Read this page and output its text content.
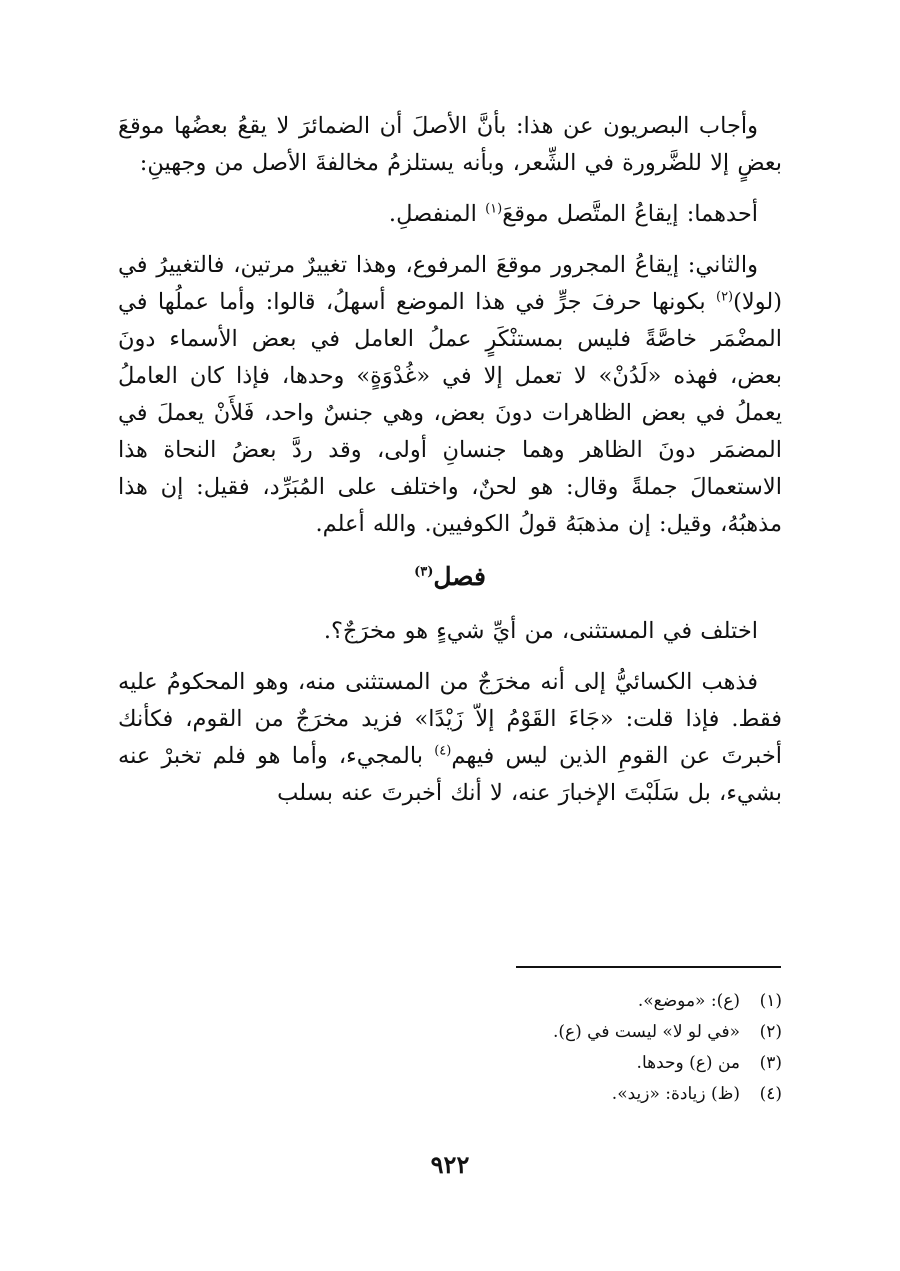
وأجاب البصريون عن هذا: بأنَّ الأصلَ أن الضمائرَ لا يقعُ بعضُها موقعَ بعضٍ إلا للضَّرورة في الشِّعر، وبأنه يستلزمُ مخالفةَ الأصل من وجهينِ:

أحدهما: إيقاعُ المتَّصل موقعَ$^{(١)}$ المنفصلِ.

والثاني: إيقاعُ المجرور موقعَ المرفوع، وهذا تغييرٌ مرتين، فالتغييرُ في (لولا)$^{(٢)}$ بكونها حرفَ جرٍّ في هذا الموضع أسهلُ، قالوا: وأما عملُها في المضْمَر خاصَّةً فليس بمستنْكَرٍ عملُ العامل في بعض الأسماء دونَ بعض، فهذه «لَدُنْ» لا تعمل إلا في «غُدْوَةٍ» وحدها، فإذا كان العاملُ يعملُ في بعض الظاهرات دونَ بعض، وهي جنسٌ واحد، فَلأَنْ يعملَ في المضمَر دونَ الظاهر وهما جنسانِ أولى، وقد ردَّ بعضُ النحاة هذا الاستعمالَ جملةً وقال: هو لحنٌ، واختلف على المُبَرِّد، فقيل: إن هذا مذهبُهُ، وقيل: إن مذهبَهُ قولُ الكوفيين. والله أعلم.

فصل$^{(٣)}$

اختلف في المستثنى، من أيِّ شيءٍ هو مخرَجٌ؟.

فذهب الكسائيُّ إلى أنه مخرَجٌ من المستثنى منه، وهو المحكومُ عليه فقط. فإذا قلت: «جَاءَ القَوْمُ إلاّ زَيْدًا» فزيد مخرَجٌ من القوم، فكأنك أخبرتَ عن القومِ الذين ليس فيهم$^{(٤)}$ بالمجيء، وأما هو فلم تخبرْ عنه بشيء، بل سَلَبْتَ الإخبارَ عنه، لا أنك أخبرتَ عنه بسلب

(١)
(ع): «موضع».
(٢)
«في لو لا» ليست في (ع).
(٣)
من (ع) وحدها.
(٤)
(ظ) زيادة: «زيد».
٩٢٢
